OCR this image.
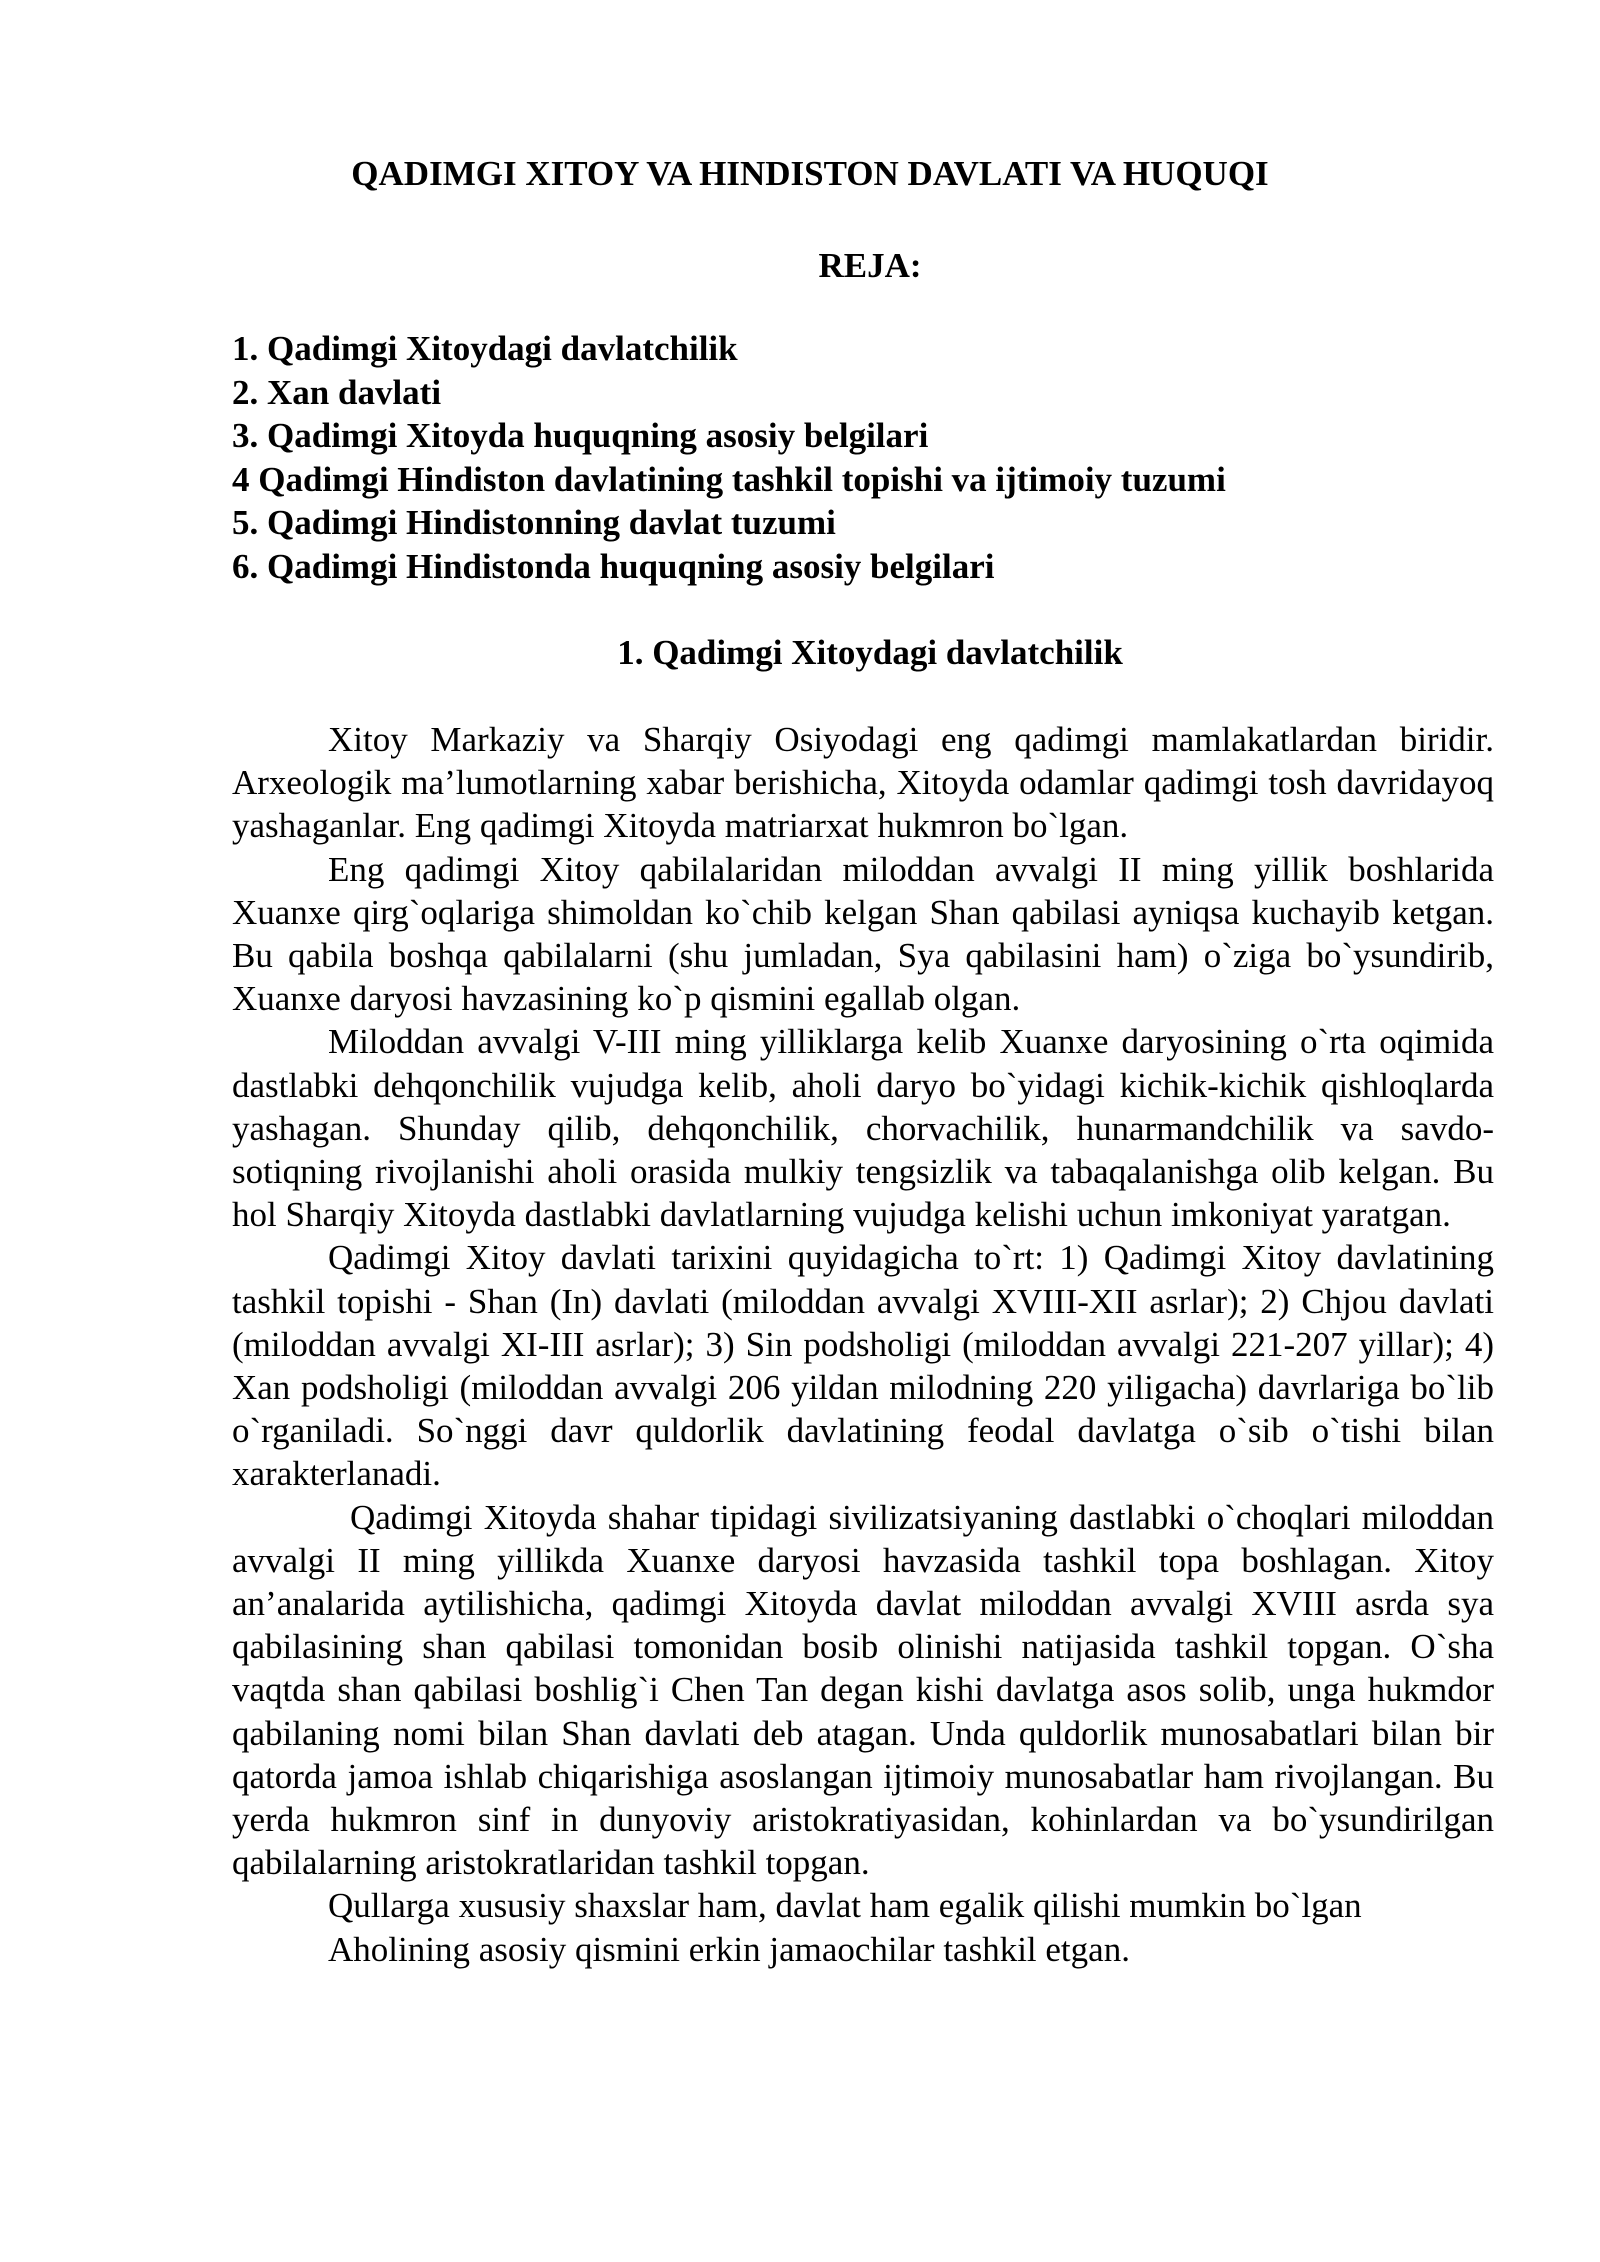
QADIMGI XITOY VA HINDISTON DAVLATI VA HUQUQI
REJA:
1. Qadimgi Xitoydagi davlatchilik
2. Xan davlati
3. Qadimgi Xitoyda huquqning asosiy belgilari
4 Qadimgi Hindiston davlatining tashkil topishi va ijtimoiy tuzumi
5. Qadimgi Hindistonning davlat tuzumi
6. Qadimgi Hindistonda huquqning asosiy belgilari
1. Qadimgi Xitoydagi davlatchilik

Xitoy Markaziy va Sharqiy Osiyodagi eng qadimgi mamlakatlardan biridir. Arxeologik ma’lumotlarning xabar berishicha, Xitoyda odamlar qadimgi tosh davridayoq yashaganlar. Eng qadimgi Xitoyda matriarxat hukmron bo`lgan.

Eng qadimgi Xitoy qabilalaridan miloddan avvalgi II ming yillik boshlarida Xuanxe qirg`oqlariga shimoldan ko`chib kelgan Shan qabilasi ayniqsa kuchayib ketgan. Bu qabila boshqa qabilalarni (shu jumladan, Sya qabilasini ham) o`ziga bo`ysundirib, Xuanxe daryosi havzasining ko`p qismini egallab olgan.

Miloddan avvalgi V-III ming yilliklarga kelib Xuanxe daryosining o`rta oqimida dastlabki dehqonchilik vujudga kelib, aholi daryo bo`yidagi kichik-kichik qishloqlarda yashagan. Shunday qilib, dehqonchilik, chorvachilik, hunarmandchilik va savdo-sotiqning rivojlanishi aholi orasida mulkiy tengsizlik va tabaqalanishga olib kelgan. Bu hol Sharqiy Xitoyda dastlabki davlatlarning vujudga kelishi uchun imkoniyat yaratgan.

Qadimgi Xitoy davlati tarixini quyidagicha to`rt: 1) Qadimgi Xitoy davlatining tashkil topishi - Shan (In) davlati (miloddan avvalgi XVIII-XII asrlar); 2) Chjou davlati (miloddan avvalgi XI-III asrlar); 3) Sin podsholigi (miloddan avvalgi 221-207 yillar); 4) Xan podsholigi (miloddan avvalgi 206 yildan milodning 220 yiligacha) davrlariga bo`lib o`rganiladi. So`nggi davr quldorlik davlatining feodal davlatga o`sib o`tishi bilan xarakterlanadi.

Qadimgi Xitoyda shahar tipidagi sivilizatsiyaning dastlabki o`choqlari miloddan avvalgi II ming yillikda Xuanxe daryosi havzasida tashkil topa boshlagan. Xitoy an’analarida aytilishicha, qadimgi Xitoyda davlat miloddan avvalgi XVIII asrda sya qabilasining shan qabilasi tomonidan bosib olinishi natijasida tashkil topgan. O`sha vaqtda shan qabilasi boshlig`i Chen Tan degan kishi davlatga asos solib, unga hukmdor qabilaning nomi bilan Shan davlati deb atagan. Unda quldorlik munosabatlari bilan bir qatorda jamoa ishlab chiqarishiga asoslangan ijtimoiy munosabatlar ham rivojlangan. Bu yerda hukmron sinf in dunyoviy aristokratiyasidan, kohinlardan va bo`ysundirilgan qabilalarning aristokratlaridan tashkil topgan.

Qullarga xususiy shaxslar ham, davlat ham egalik qilishi mumkin bo`lgan

Aholining asosiy qismini erkin jamaochilar tashkil etgan.
